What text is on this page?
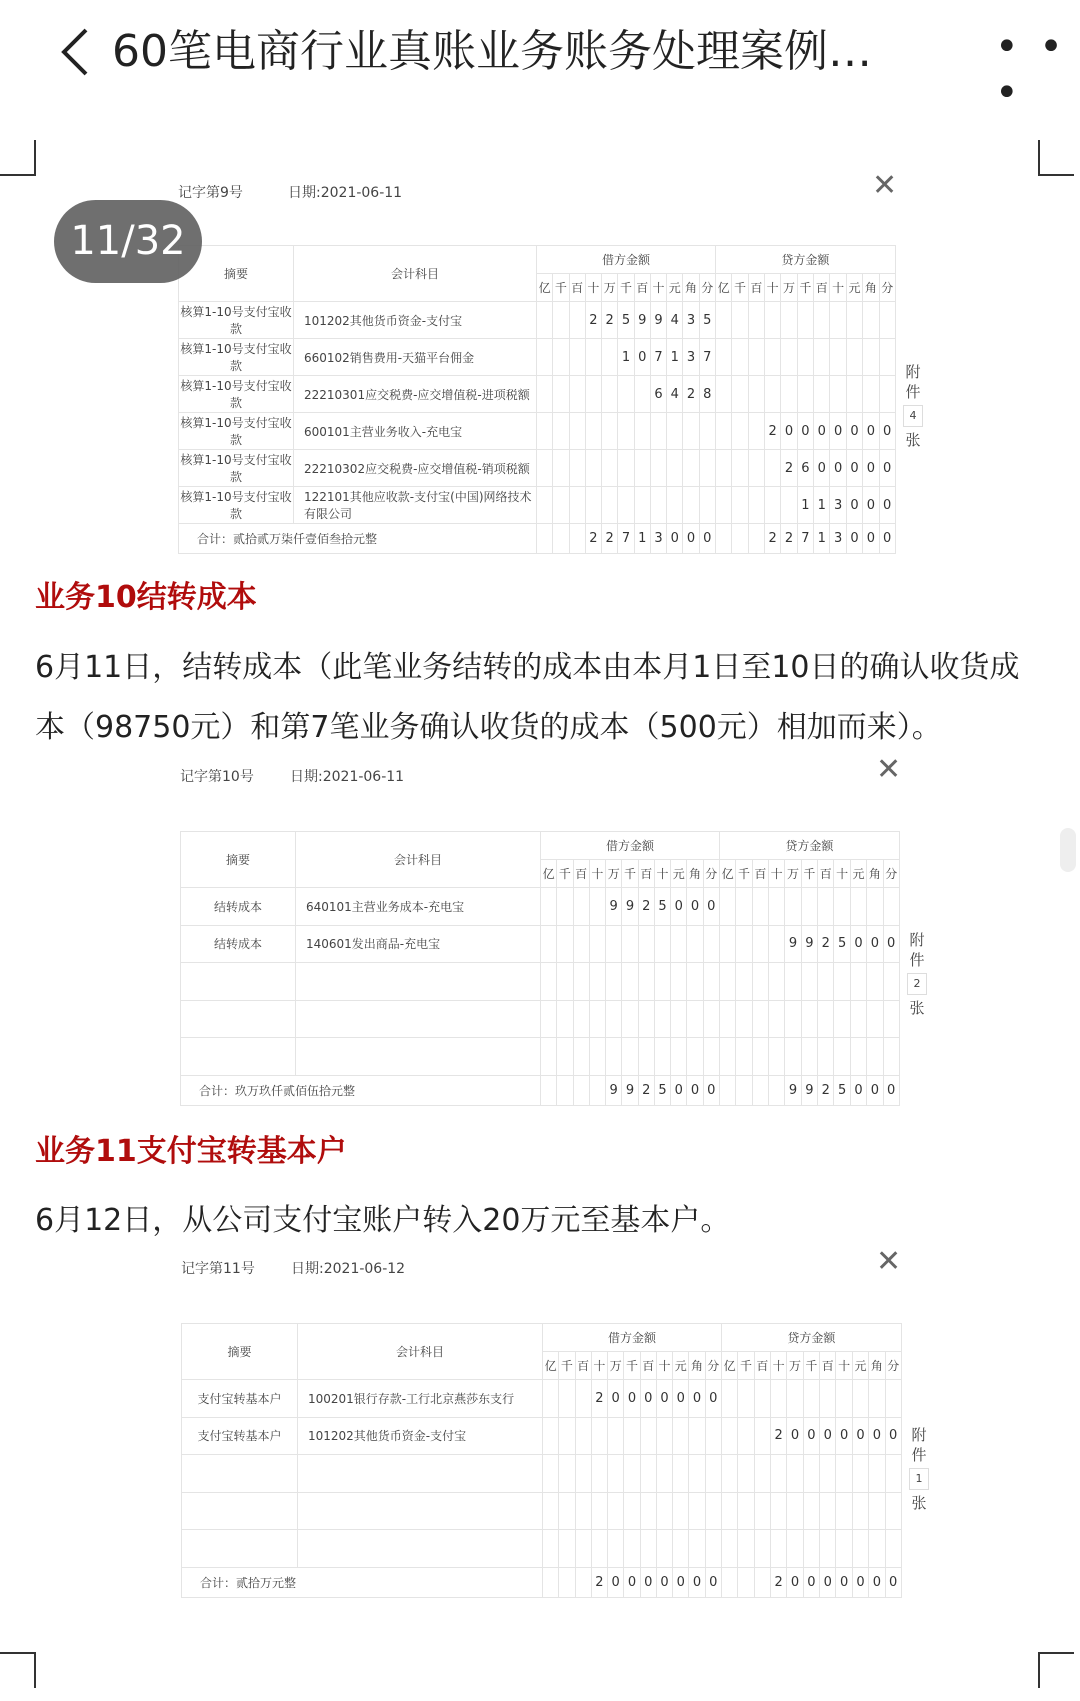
60笔电商行业真账业务账务处理案例…	• • •
11/32
业务10结转成本
6月11日，结转成本（此笔业务结转的成本由本月1日至10日的确认收货成本（98750元）和第7笔业务确认收货的成本（500元）相加而来）。
业务11支付宝转基本户
6月12日，从公司支付宝账户转入20万元至基本户。
记字第9号	日期:2021-06-11	✕
摘要	会计科目	借方金额											贷方金额										
		亿	千	百	十	万	千	百	十	元	角	分	亿	千	百	十	万	千	百	十	元	角	分
核算1-10号支付宝收款	101202其他货币资金-支付宝				2	2	5	9	9	4	3	5											
核算1-10号支付宝收款	660102销售费用-天猫平台佣金						1	0	7	1	3	7											
核算1-10号支付宝收款	22210301应交税费-应交增值税-进项税额								6	4	2	8											
核算1-10号支付宝收款	600101主营业务收入-充电宝															2	0	0	0	0	0	0	0
核算1-10号支付宝收款	22210302应交税费-应交增值税-销项税额																2	6	0	0	0	0	0
核算1-10号支付宝收款	122101其他应收款-支付宝(中国)网络技术有限公司																	1	1	3	0	0	0
合计：贰拾贰万柒仟壹佰叁拾元整					2	2	7	1	3	0	0	0				2	2	7	1	3	0	0	0
附件
4
张
记字第10号	日期:2021-06-11	✕
摘要	会计科目	借方金额											贷方金额										
		亿	千	百	十	万	千	百	十	元	角	分	亿	千	百	十	万	千	百	十	元	角	分
结转成本	640101主营业务成本-充电宝					9	9	2	5	0	0	0											
结转成本	140601发出商品-充电宝																9	9	2	5	0	0	0

合计：玖万玖仟贰佰伍拾元整						9	9	2	5	0	0	0					9	9	2	5	0	0	0
附件
2
张
记字第11号	日期:2021-06-12	✕
摘要	会计科目	借方金额											贷方金额										
		亿	千	百	十	万	千	百	十	元	角	分	亿	千	百	十	万	千	百	十	元	角	分
支付宝转基本户	100201银行存款-工行北京燕莎东支行				2	0	0	0	0	0	0	0											
支付宝转基本户	101202其他货币资金-支付宝															2	0	0	0	0	0	0	0

合计：贰拾万元整					2	0	0	0	0	0	0	0				2	0	0	0	0	0	0	0
附件
1
张
